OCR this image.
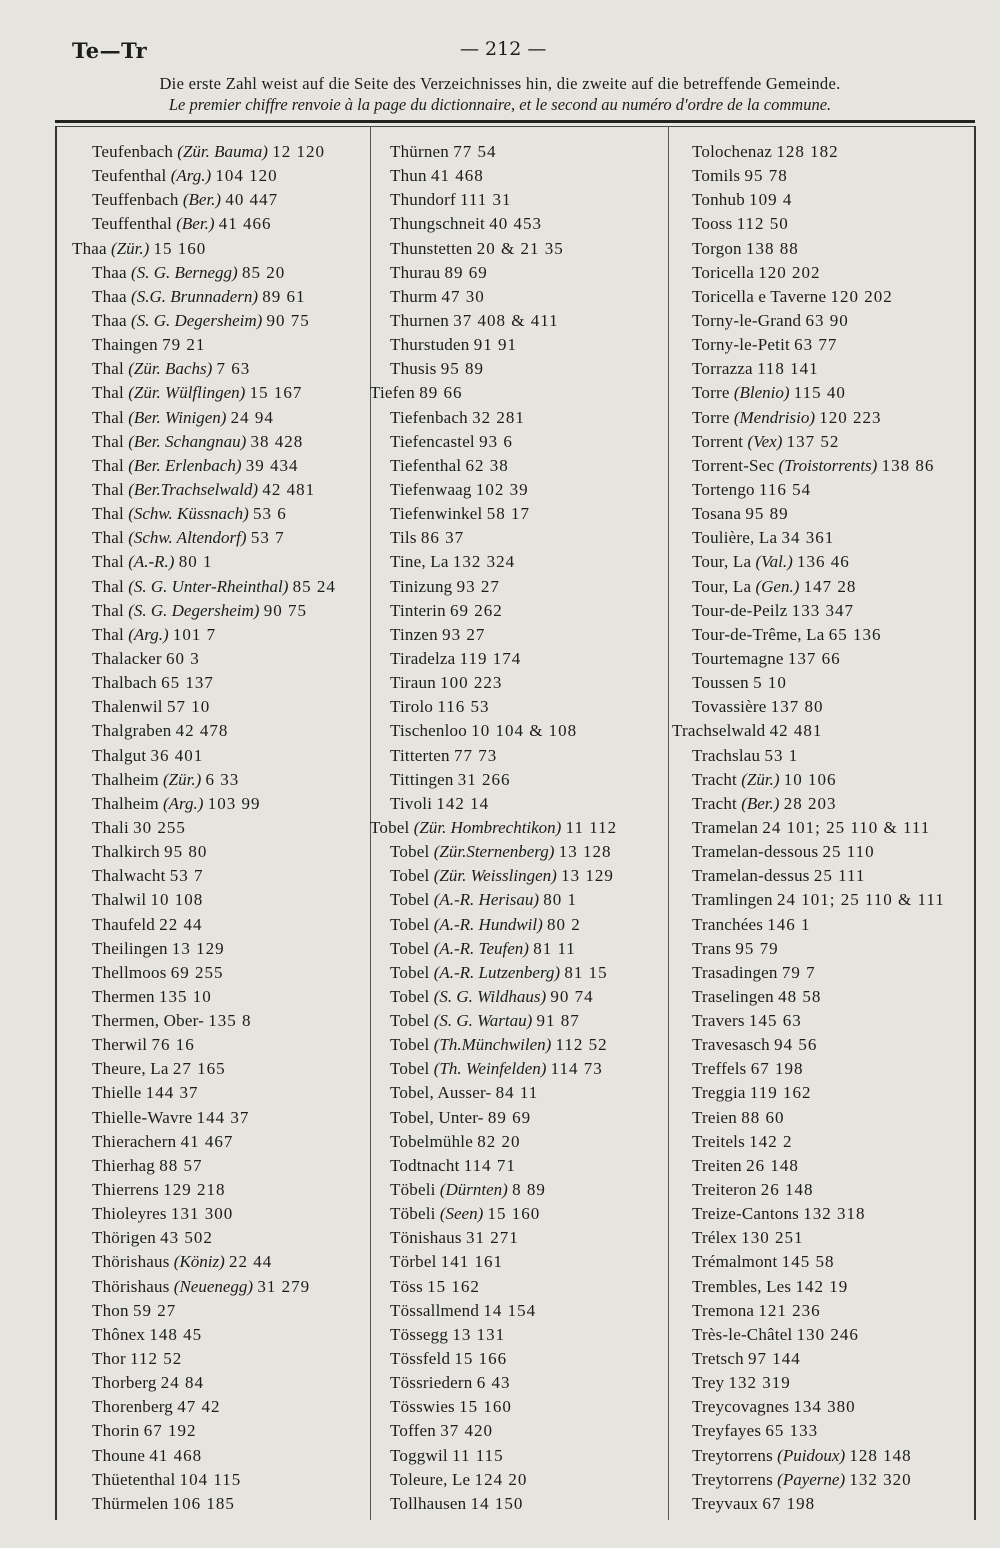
Te—Tr	— 212 —
Die erste Zahl weist auf die Seite des Verzeichnisses hin, die zweite auf die betreffende Gemeinde.
Le premier chiffre renvoie à la page du dictionnaire, et le second au numéro d'ordre de la commune.
Teufenbach (Zür. Bauma) 12 120
Teufenthal (Arg.) 104 120
Teuffenbach (Ber.) 40 447
Teuffenthal (Ber.) 41 466
Thaa (Zür.) 15 160
Thaa (S. G. Bernegg) 85 20
Thaa (S.G. Brunnadern) 89 61
Thaa (S. G. Degersheim) 90 75
Thaingen 79 21
Thal (Zür. Bachs) 7 63
Thal (Zür. Wülflingen) 15 167
Thal (Ber. Winigen) 24 94
Thal (Ber. Schangnau) 38 428
Thal (Ber. Erlenbach) 39 434
Thal (Ber.Trachselwald) 42 481
Thal (Schw. Küssnach) 53 6
Thal (Schw. Altendorf) 53 7
Thal (A.-R.) 80 1
Thal (S. G. Unter-Rheinthal) 85 24
Thal (S. G. Degersheim) 90 75
Thal (Arg.) 101 7
Thalacker 60 3
Thalbach 65 137
Thalenwil 57 10
Thalgraben 42 478
Thalgut 36 401
Thalheim (Zür.) 6 33
Thalheim (Arg.) 103 99
Thali 30 255
Thalkirch 95 80
Thalwacht 53 7
Thalwil 10 108
Thaufeld 22 44
Theilingen 13 129
Thellmoos 69 255
Thermen 135 10
Thermen, Ober- 135 8
Therwil 76 16
Theure, La 27 165
Thielle 144 37
Thielle-Wavre 144 37
Thierachern 41 467
Thierhag 88 57
Thierrens 129 218
Thioleyres 131 300
Thörigen 43 502
Thörishaus (Köniz) 22 44
Thörishaus (Neuenegg) 31 279
Thon 59 27
Thônex 148 45
Thor 112 52
Thorberg 24 84
Thorenberg 47 42
Thorin 67 192
Thoune 41 468
Thüetenthal 104 115
Thürmelen 106 185
Thürnen 77 54
Thun 41 468
Thundorf 111 31
Thungschneit 40 453
Thunstetten 20 & 21 35
Thurau 89 69
Thurm 47 30
Thurnen 37 408 & 411
Thurstuden 91 91
Thusis 95 89
Tiefen 89 66
Tiefenbach 32 281
Tiefencastel 93 6
Tiefenthal 62 38
Tiefenwaag 102 39
Tiefenwinkel 58 17
Tils 86 37
Tine, La 132 324
Tinizung 93 27
Tinterin 69 262
Tinzen 93 27
Tiradelza 119 174
Tiraun 100 223
Tirolo 116 53
Tischenloo 10 104 & 108
Titterten 77 73
Tittingen 31 266
Tivoli 142 14
Tobel (Zür. Hombrechtikon) 11 112
Tobel (Zür.Sternenberg) 13 128
Tobel (Zür. Weisslingen) 13 129
Tobel (A.-R. Herisau) 80 1
Tobel (A.-R. Hundwil) 80 2
Tobel (A.-R. Teufen) 81 11
Tobel (A.-R. Lutzenberg) 81 15
Tobel (S. G. Wildhaus) 90 74
Tobel (S. G. Wartau) 91 87
Tobel (Th.Münchwilen) 112 52
Tobel (Th. Weinfelden) 114 73
Tobel, Ausser- 84 11
Tobel, Unter- 89 69
Tobelmühle 82 20
Todtnacht 114 71
Töbeli (Dürnten) 8 89
Töbeli (Seen) 15 160
Tönishaus 31 271
Törbel 141 161
Töss 15 162
Tössallmend 14 154
Tössegg 13 131
Tössfeld 15 166
Tössriedern 6 43
Tösswies 15 160
Toffen 37 420
Toggwil 11 115
Toleure, Le 124 20
Tollhausen 14 150
Tolochenaz 128 182
Tomils 95 78
Tonhub 109 4
Tooss 112 50
Torgon 138 88
Toricella 120 202
Toricella e Taverne 120 202
Torny-le-Grand 63 90
Torny-le-Petit 63 77
Torrazza 118 141
Torre (Blenio) 115 40
Torre (Mendrisio) 120 223
Torrent (Vex) 137 52
Torrent-Sec (Troistorrents) 138 86
Tortengo 116 54
Tosana 95 89
Toulière, La 34 361
Tour, La (Val.) 136 46
Tour, La (Gen.) 147 28
Tour-de-Peilz 133 347
Tour-de-Trême, La 65 136
Tourtemagne 137 66
Toussen 5 10
Tovassière 137 80
Trachselwald 42 481
Trachslau 53 1
Tracht (Zür.) 10 106
Tracht (Ber.) 28 203
Tramelan 24 101; 25 110 & 111
Tramelan-dessous 25 110
Tramelan-dessus 25 111
Tramlingen 24 101; 25 110 & 111
Tranchées 146 1
Trans 95 79
Trasadingen 79 7
Traselingen 48 58
Travers 145 63
Travesasch 94 56
Treffels 67 198
Treggia 119 162
Treien 88 60
Treitels 142 2
Treiten 26 148
Treiteron 26 148
Treize-Cantons 132 318
Trélex 130 251
Trémalmont 145 58
Trembles, Les 142 19
Tremona 121 236
Très-le-Châtel 130 246
Tretsch 97 144
Trey 132 319
Treycovagnes 134 380
Treyfayes 65 133
Treytorrens (Puidoux) 128 148
Treytorrens (Payerne) 132 320
Treyvaux 67 198
